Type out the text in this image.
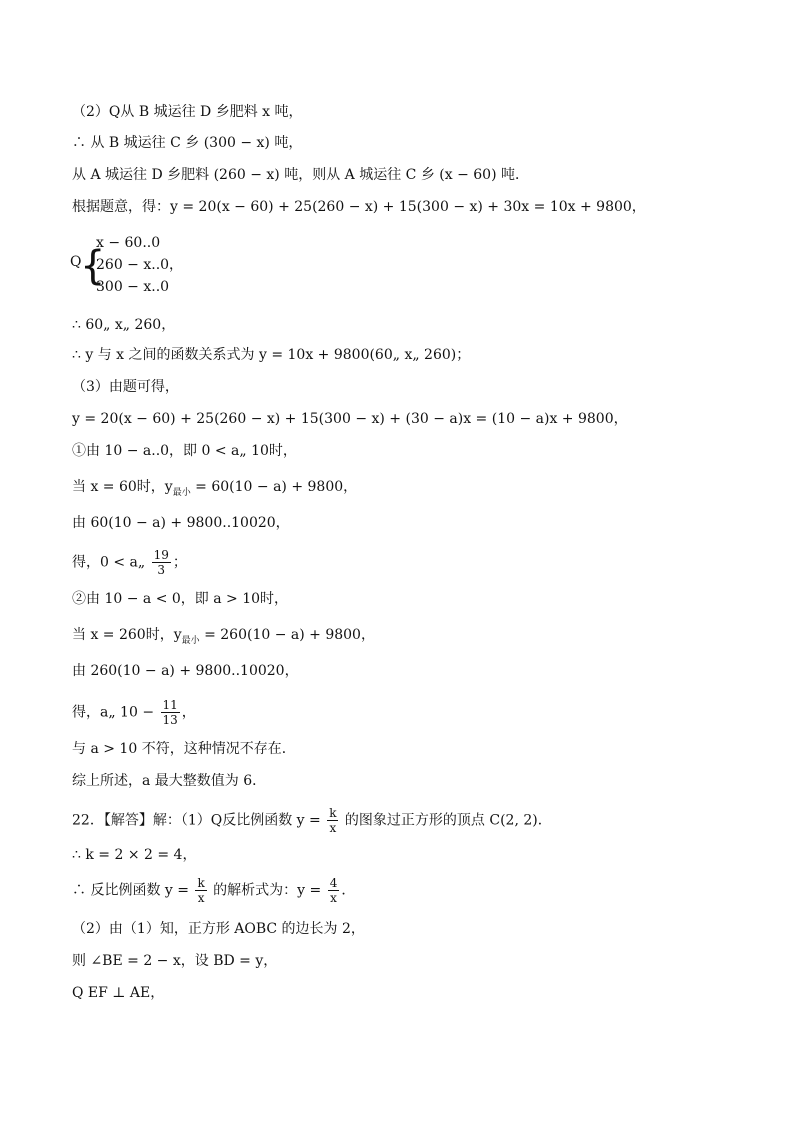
（2）Q从 B 城运往 D 乡肥料 x 吨，
∴ 从 B 城运往 C 乡 (300 − x) 吨，
从 A 城运往 D 乡肥料 (260 − x) 吨，则从 A 城运往 C 乡 (x − 60) 吨．
根据题意，得：y = 20(x − 60) + 25(260 − x) + 15(300 − x) + 30x = 10x + 9800，
Q
{
x − 60..0
260 − x..0，
300 − x..0
∴ 60„ x„ 260，
∴ y 与 x 之间的函数关系式为 y = 10x + 9800(60„ x„ 260)；
（3）由题可得，
y = 20(x − 60) + 25(260 − x) + 15(300 − x) + (30 − a)x = (10 − a)x + 9800，
①由 10 − a..0，即 0 < a„ 10时，
当 x = 60时，$y_{最小} = 60(10 - a) + 9800$，
由 60(10 − a) + 9800..10020，
得，0 < a„ $\frac{19}{3}$ ；
②由 10 − a < 0，即 a > 10时，
当 x = 260时，$y_{最小} = 260(10 - a) + 9800$，
由 260(10 − a) + 9800..10020，
得，a„ $10 - \frac{11}{13}$ ，
与 a > 10 不符，这种情况不存在．
综上所述，a 最大整数值为 6．
22．【解答】解：（1）Q反比例函数 $y = \frac{k}{x}$ 的图象过正方形的顶点 C(2, 2)．
∴ k = 2 × 2 = 4，
∴ 反比例函数 $y = \frac{k}{x}$ 的解析式为：$y = \frac{4}{x}$ ．
（2）由（1）知，正方形 AOBC 的边长为 2，
则 ∠BE = 2 − x，设 BD = y，
Q EF ⊥ AE，
